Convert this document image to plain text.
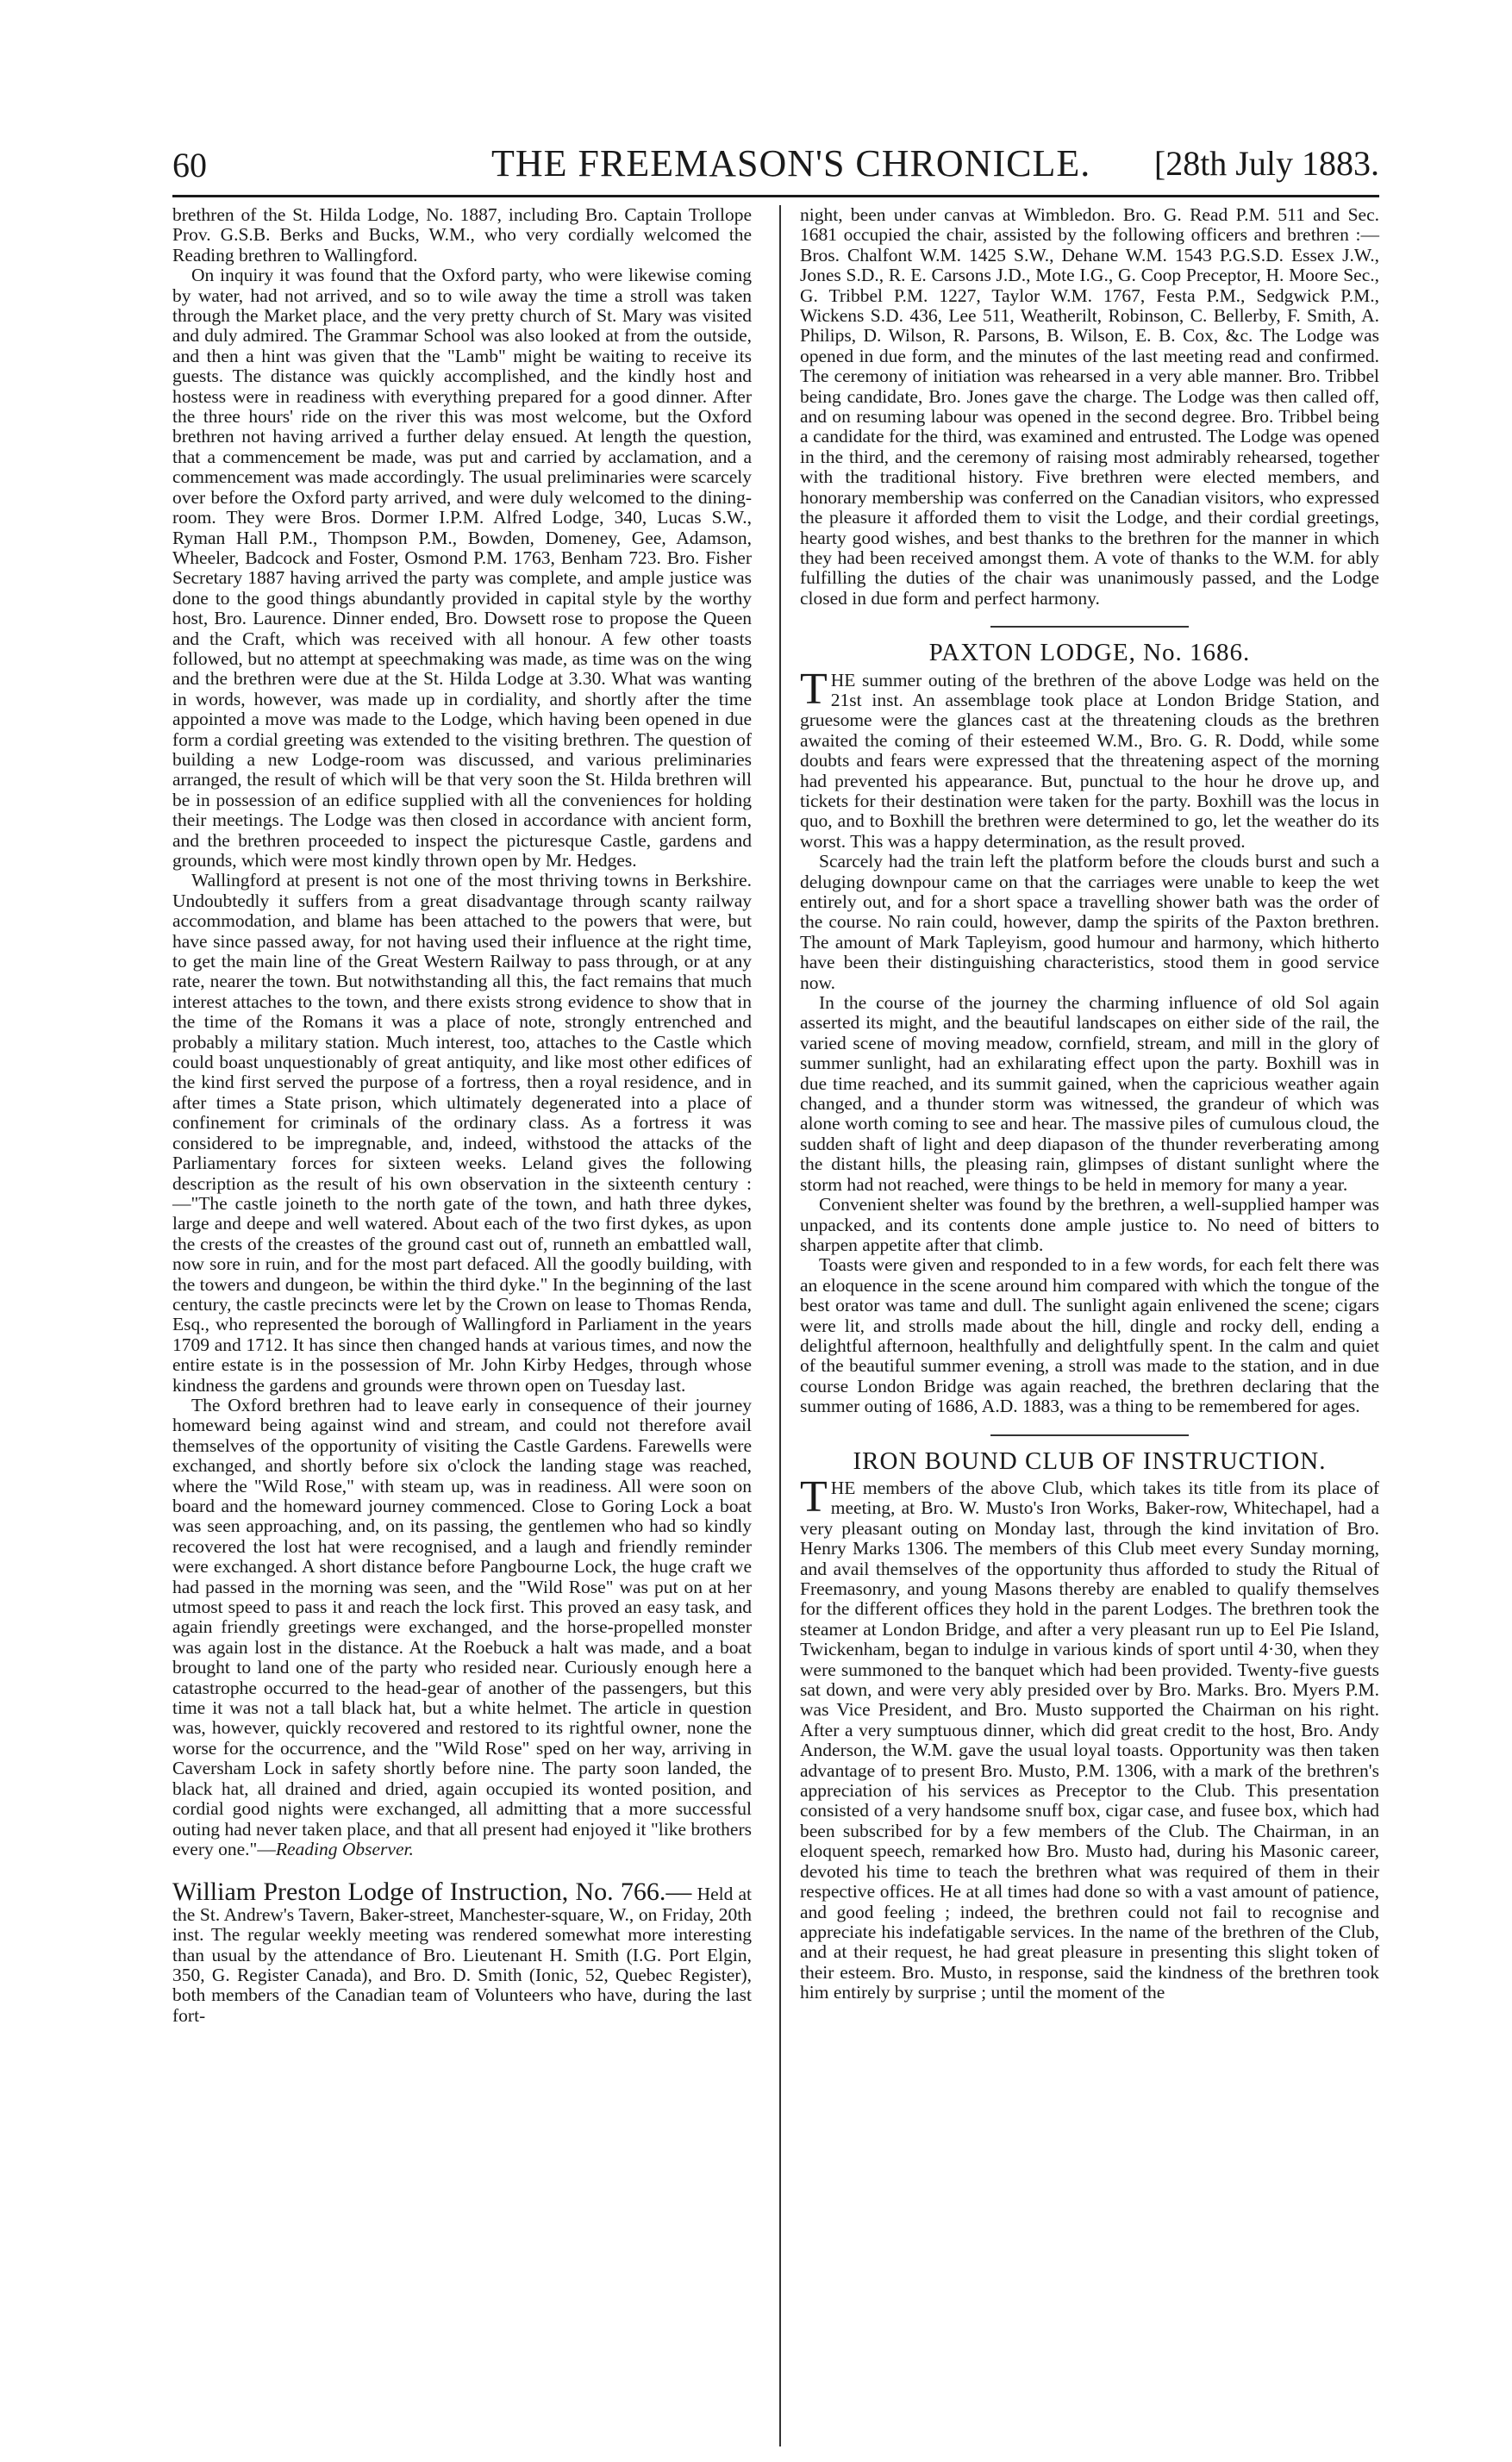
60	THE FREEMASON'S CHRONICLE. [28th July 1883.

brethren of the St. Hilda Lodge, No. 1887, including Bro. Captain Trollope Prov. G.S.B. Berks and Bucks, W.M., who very cordially welcomed the Reading brethren to Wallingford.

On inquiry it was found that the Oxford party, who were likewise coming by water, had not arrived, and so to wile away the time a stroll was taken through the Market place, and the very pretty church of St. Mary was visited and duly admired. The Grammar School was also looked at from the outside, and then a hint was given that the "Lamb" might be waiting to receive its guests. The distance was quickly accomplished, and the kindly host and hostess were in readiness with everything prepared for a good dinner. After the three hours' ride on the river this was most welcome, but the Oxford brethren not having arrived a further delay ensued. At length the question, that a commencement be made, was put and carried by acclamation, and a commencement was made accordingly. The usual preliminaries were scarcely over before the Oxford party arrived, and were duly welcomed to the dining-room. They were Bros. Dormer I.P.M. Alfred Lodge, 340, Lucas S.W., Ryman Hall P.M., Thompson P.M., Bowden, Domeney, Gee, Adamson, Wheeler, Badcock and Foster, Osmond P.M. 1763, Benham 723. Bro. Fisher Secretary 1887 having arrived the party was complete, and ample justice was done to the good things abundantly provided in capital style by the worthy host, Bro. Laurence. Dinner ended, Bro. Dowsett rose to propose the Queen and the Craft, which was received with all honour. A few other toasts followed, but no attempt at speechmaking was made, as time was on the wing and the brethren were due at the St. Hilda Lodge at 3.30. What was wanting in words, however, was made up in cordiality, and shortly after the time appointed a move was made to the Lodge, which having been opened in due form a cordial greeting was extended to the visiting brethren. The question of building a new Lodge-room was discussed, and various preliminaries arranged, the result of which will be that very soon the St. Hilda brethren will be in possession of an edifice supplied with all the conveniences for holding their meetings. The Lodge was then closed in accordance with ancient form, and the brethren proceeded to inspect the picturesque Castle, gardens and grounds, which were most kindly thrown open by Mr. Hedges.

Wallingford at present is not one of the most thriving towns in Berkshire. Undoubtedly it suffers from a great disadvantage through scanty railway accommodation, and blame has been attached to the powers that were, but have since passed away, for not having used their influence at the right time, to get the main line of the Great Western Railway to pass through, or at any rate, nearer the town. But notwithstanding all this, the fact remains that much interest attaches to the town, and there exists strong evidence to show that in the time of the Romans it was a place of note, strongly entrenched and probably a military station. Much interest, too, attaches to the Castle which could boast unquestionably of great antiquity, and like most other edifices of the kind first served the purpose of a fortress, then a royal residence, and in after times a State prison, which ultimately degenerated into a place of confinement for criminals of the ordinary class. As a fortress it was considered to be impregnable, and, indeed, withstood the attacks of the Parliamentary forces for sixteen weeks. Leland gives the following description as the result of his own observation in the sixteenth century :—"The castle joineth to the north gate of the town, and hath three dykes, large and deepe and well watered. About each of the two first dykes, as upon the crests of the creastes of the ground cast out of, runneth an embattled wall, now sore in ruin, and for the most part defaced. All the goodly building, with the towers and dungeon, be within the third dyke." In the beginning of the last century, the castle precincts were let by the Crown on lease to Thomas Renda, Esq., who represented the borough of Wallingford in Parliament in the years 1709 and 1712. It has since then changed hands at various times, and now the entire estate is in the possession of Mr. John Kirby Hedges, through whose kindness the gardens and grounds were thrown open on Tuesday last.

The Oxford brethren had to leave early in consequence of their journey homeward being against wind and stream, and could not therefore avail themselves of the opportunity of visiting the Castle Gardens. Farewells were exchanged, and shortly before six o'clock the landing stage was reached, where the "Wild Rose," with steam up, was in readiness. All were soon on board and the homeward journey commenced. Close to Goring Lock a boat was seen approaching, and, on its passing, the gentlemen who had so kindly recovered the lost hat were recognised, and a laugh and friendly reminder were exchanged. A short distance before Pangbourne Lock, the huge craft we had passed in the morning was seen, and the "Wild Rose" was put on at her utmost speed to pass it and reach the lock first. This proved an easy task, and again friendly greetings were exchanged, and the horse-propelled monster was again lost in the distance. At the Roebuck a halt was made, and a boat brought to land one of the party who resided near. Curiously enough here a catastrophe occurred to the head-gear of another of the passengers, but this time it was not a tall black hat, but a white helmet. The article in question was, however, quickly recovered and restored to its rightful owner, none the worse for the occurrence, and the "Wild Rose" sped on her way, arriving in Caversham Lock in safety shortly before nine. The party soon landed, the black hat, all drained and dried, again occupied its wonted position, and cordial good nights were exchanged, all admitting that a more successful outing had never taken place, and that all present had enjoyed it "like brothers every one."—Reading Observer.

William Preston Lodge of Instruction, No. 766.— Held at the St. Andrew's Tavern, Baker-street, Manchester-square, W., on Friday, 20th inst. The regular weekly meeting was rendered somewhat more interesting than usual by the attendance of Bro. Lieutenant H. Smith (I.G. Port Elgin, 350, G. Register Canada), and Bro. D. Smith (Ionic, 52, Quebec Register), both members of the Canadian team of Volunteers who have, during the last fort-

night, been under canvas at Wimbledon. Bro. G. Read P.M. 511 and Sec. 1681 occupied the chair, assisted by the following officers and brethren :—Bros. Chalfont W.M. 1425 S.W., Dehane W.M. 1543 P.G.S.D. Essex J.W., Jones S.D., R. E. Carsons J.D., Mote I.G., G. Coop Preceptor, H. Moore Sec., G. Tribbel P.M. 1227, Taylor W.M. 1767, Festa P.M., Sedgwick P.M., Wickens S.D. 436, Lee 511, Weatherilt, Robinson, C. Bellerby, F. Smith, A. Philips, D. Wilson, R. Parsons, B. Wilson, E. B. Cox, &c. The Lodge was opened in due form, and the minutes of the last meeting read and confirmed. The ceremony of initiation was rehearsed in a very able manner. Bro. Tribbel being candidate, Bro. Jones gave the charge. The Lodge was then called off, and on resuming labour was opened in the second degree. Bro. Tribbel being a candidate for the third, was examined and entrusted. The Lodge was opened in the third, and the ceremony of raising most admirably rehearsed, together with the traditional history. Five brethren were elected members, and honorary membership was conferred on the Canadian visitors, who expressed the pleasure it afforded them to visit the Lodge, and their cordial greetings, hearty good wishes, and best thanks to the brethren for the manner in which they had been received amongst them. A vote of thanks to the W.M. for ably fulfilling the duties of the chair was unanimously passed, and the Lodge closed in due form and perfect harmony.

PAXTON LODGE, No. 1686.

THE summer outing of the brethren of the above Lodge was held on the 21st inst. An assemblage took place at London Bridge Station, and gruesome were the glances cast at the threatening clouds as the brethren awaited the coming of their esteemed W.M., Bro. G. R. Dodd, while some doubts and fears were expressed that the threatening aspect of the morning had prevented his appearance. But, punctual to the hour he drove up, and tickets for their destination were taken for the party. Boxhill was the locus in quo, and to Boxhill the brethren were determined to go, let the weather do its worst. This was a happy determination, as the result proved.

Scarcely had the train left the platform before the clouds burst and such a deluging downpour came on that the carriages were unable to keep the wet entirely out, and for a short space a travelling shower bath was the order of the course. No rain could, however, damp the spirits of the Paxton brethren. The amount of Mark Tapleyism, good humour and harmony, which hitherto have been their distinguishing characteristics, stood them in good service now.

In the course of the journey the charming influence of old Sol again asserted its might, and the beautiful landscapes on either side of the rail, the varied scene of moving meadow, cornfield, stream, and mill in the glory of summer sunlight, had an exhilarating effect upon the party. Boxhill was in due time reached, and its summit gained, when the capricious weather again changed, and a thunder storm was witnessed, the grandeur of which was alone worth coming to see and hear. The massive piles of cumulous cloud, the sudden shaft of light and deep diapason of the thunder reverberating among the distant hills, the pleasing rain, glimpses of distant sunlight where the storm had not reached, were things to be held in memory for many a year.

Convenient shelter was found by the brethren, a well-supplied hamper was unpacked, and its contents done ample justice to. No need of bitters to sharpen appetite after that climb.

Toasts were given and responded to in a few words, for each felt there was an eloquence in the scene around him compared with which the tongue of the best orator was tame and dull. The sunlight again enlivened the scene; cigars were lit, and strolls made about the hill, dingle and rocky dell, ending a delightful afternoon, healthfully and delightfully spent. In the calm and quiet of the beautiful summer evening, a stroll was made to the station, and in due course London Bridge was again reached, the brethren declaring that the summer outing of 1686, A.D. 1883, was a thing to be remembered for ages.

IRON BOUND CLUB OF INSTRUCTION.

THE members of the above Club, which takes its title from its place of meeting, at Bro. W. Musto's Iron Works, Baker-row, Whitechapel, had a very pleasant outing on Monday last, through the kind invitation of Bro. Henry Marks 1306. The members of this Club meet every Sunday morning, and avail themselves of the opportunity thus afforded to study the Ritual of Freemasonry, and young Masons thereby are enabled to qualify themselves for the different offices they hold in the parent Lodges. The brethren took the steamer at London Bridge, and after a very pleasant run up to Eel Pie Island, Twickenham, began to indulge in various kinds of sport until 4·30, when they were summoned to the banquet which had been provided. Twenty-five guests sat down, and were very ably presided over by Bro. Marks. Bro. Myers P.M. was Vice President, and Bro. Musto supported the Chairman on his right. After a very sumptuous dinner, which did great credit to the host, Bro. Andy Anderson, the W.M. gave the usual loyal toasts. Opportunity was then taken advantage of to present Bro. Musto, P.M. 1306, with a mark of the brethren's appreciation of his services as Preceptor to the Club. This presentation consisted of a very handsome snuff box, cigar case, and fusee box, which had been subscribed for by a few members of the Club. The Chairman, in an eloquent speech, remarked how Bro. Musto had, during his Masonic career, devoted his time to teach the brethren what was required of them in their respective offices. He at all times had done so with a vast amount of patience, and good feeling ; indeed, the brethren could not fail to recognise and appreciate his indefatigable services. In the name of the brethren of the Club, and at their request, he had great pleasure in presenting this slight token of their esteem. Bro. Musto, in response, said the kindness of the brethren took him entirely by surprise ; until the moment of the
